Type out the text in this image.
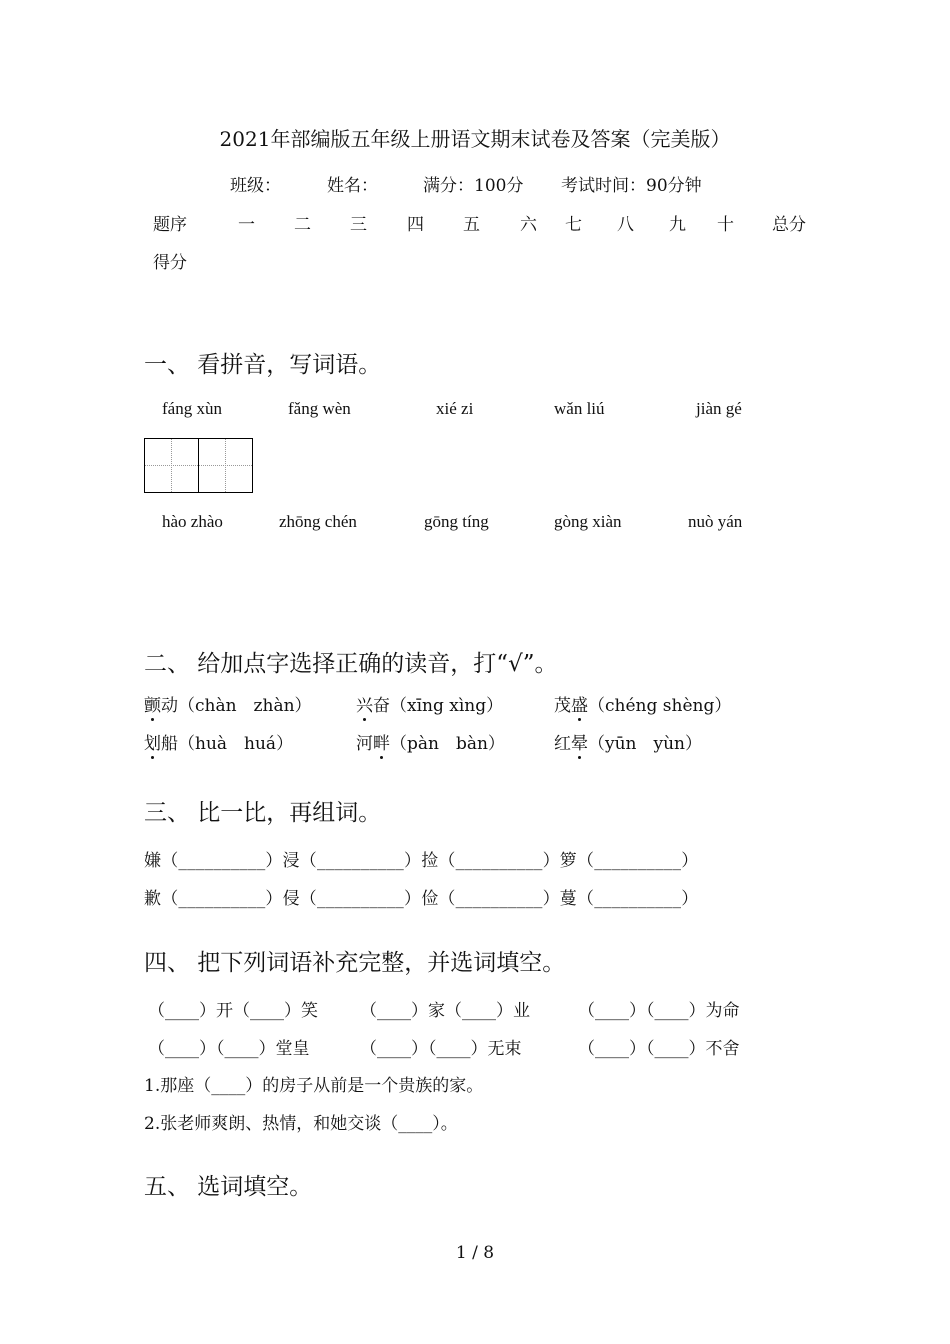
2021年部编版五年级上册语文期末试卷及答案（完美版）
班级：	姓名：	满分：100分 考试时间：90分钟
题序	一 二 三 四 五 六 七 八 九 十 总分
得分
一、 看拼音，写词语。
fáng xùn	fǎng wèn	xié zi	wǎn liú	jiàn gé
hào zhào	zhōng chén	gōng tíng	gòng xiàn	nuò yán
二、 给加点字选择正确的读音，打“√”。
颤动（chàn　zhàn）	兴奋（xīng xìng）	茂盛（chéng shèng）
划船（huà　huá）	河畔（pàn　bàn）	红晕（yūn　yùn）
三、 比一比，再组词。
嫌（__________）浸（__________）捡（__________）箩（__________）
歉（__________）侵（__________）俭（__________）蔓（__________）
四、 把下列词语补充完整，并选词填空。
（____）开（____）笑 （____）家（____）业	（____）（____）为命
（____）（____）堂皇	（____）（____）无束	（____）（____）不舍
1.那座（____）的房子从前是一个贵族的家。
2.张老师爽朗、热情，和她交谈（____）。
五、 选词填空。
1 / 8
